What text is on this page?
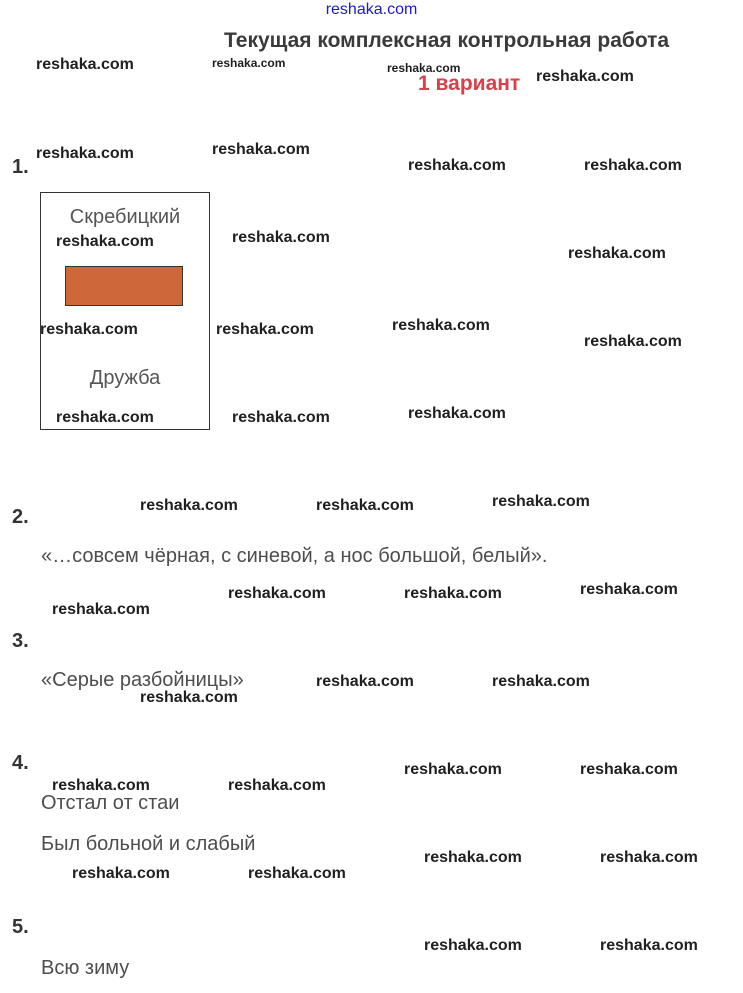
reshaka.com
Текущая комплексная контрольная работа
1 вариант
1.
Скребицкий
Дружба
2.
«…совсем чёрная, с синевой, а нос большой, белый».
3.
«Серые разбойницы»
4.
Отстал от стаи
Был больной и слабый
5.
Всю зиму
reshaka.com	reshaka.com	reshaka.com	reshaka.com
reshaka.com	reshaka.com
reshaka.com	reshaka.com
reshaka.com	reshaka.com
reshaka.com
reshaka.com	reshaka.com	reshaka.com
reshaka.com
reshaka.com	reshaka.com	reshaka.com
reshaka.com	reshaka.com	reshaka.com
reshaka.com
reshaka.com	reshaka.com	reshaka.com
reshaka.com	reshaka.com
reshaka.com
reshaka.com	reshaka.com
reshaka.com	reshaka.com
reshaka.com	reshaka.com
reshaka.com	reshaka.com
reshaka.com	reshaka.com
